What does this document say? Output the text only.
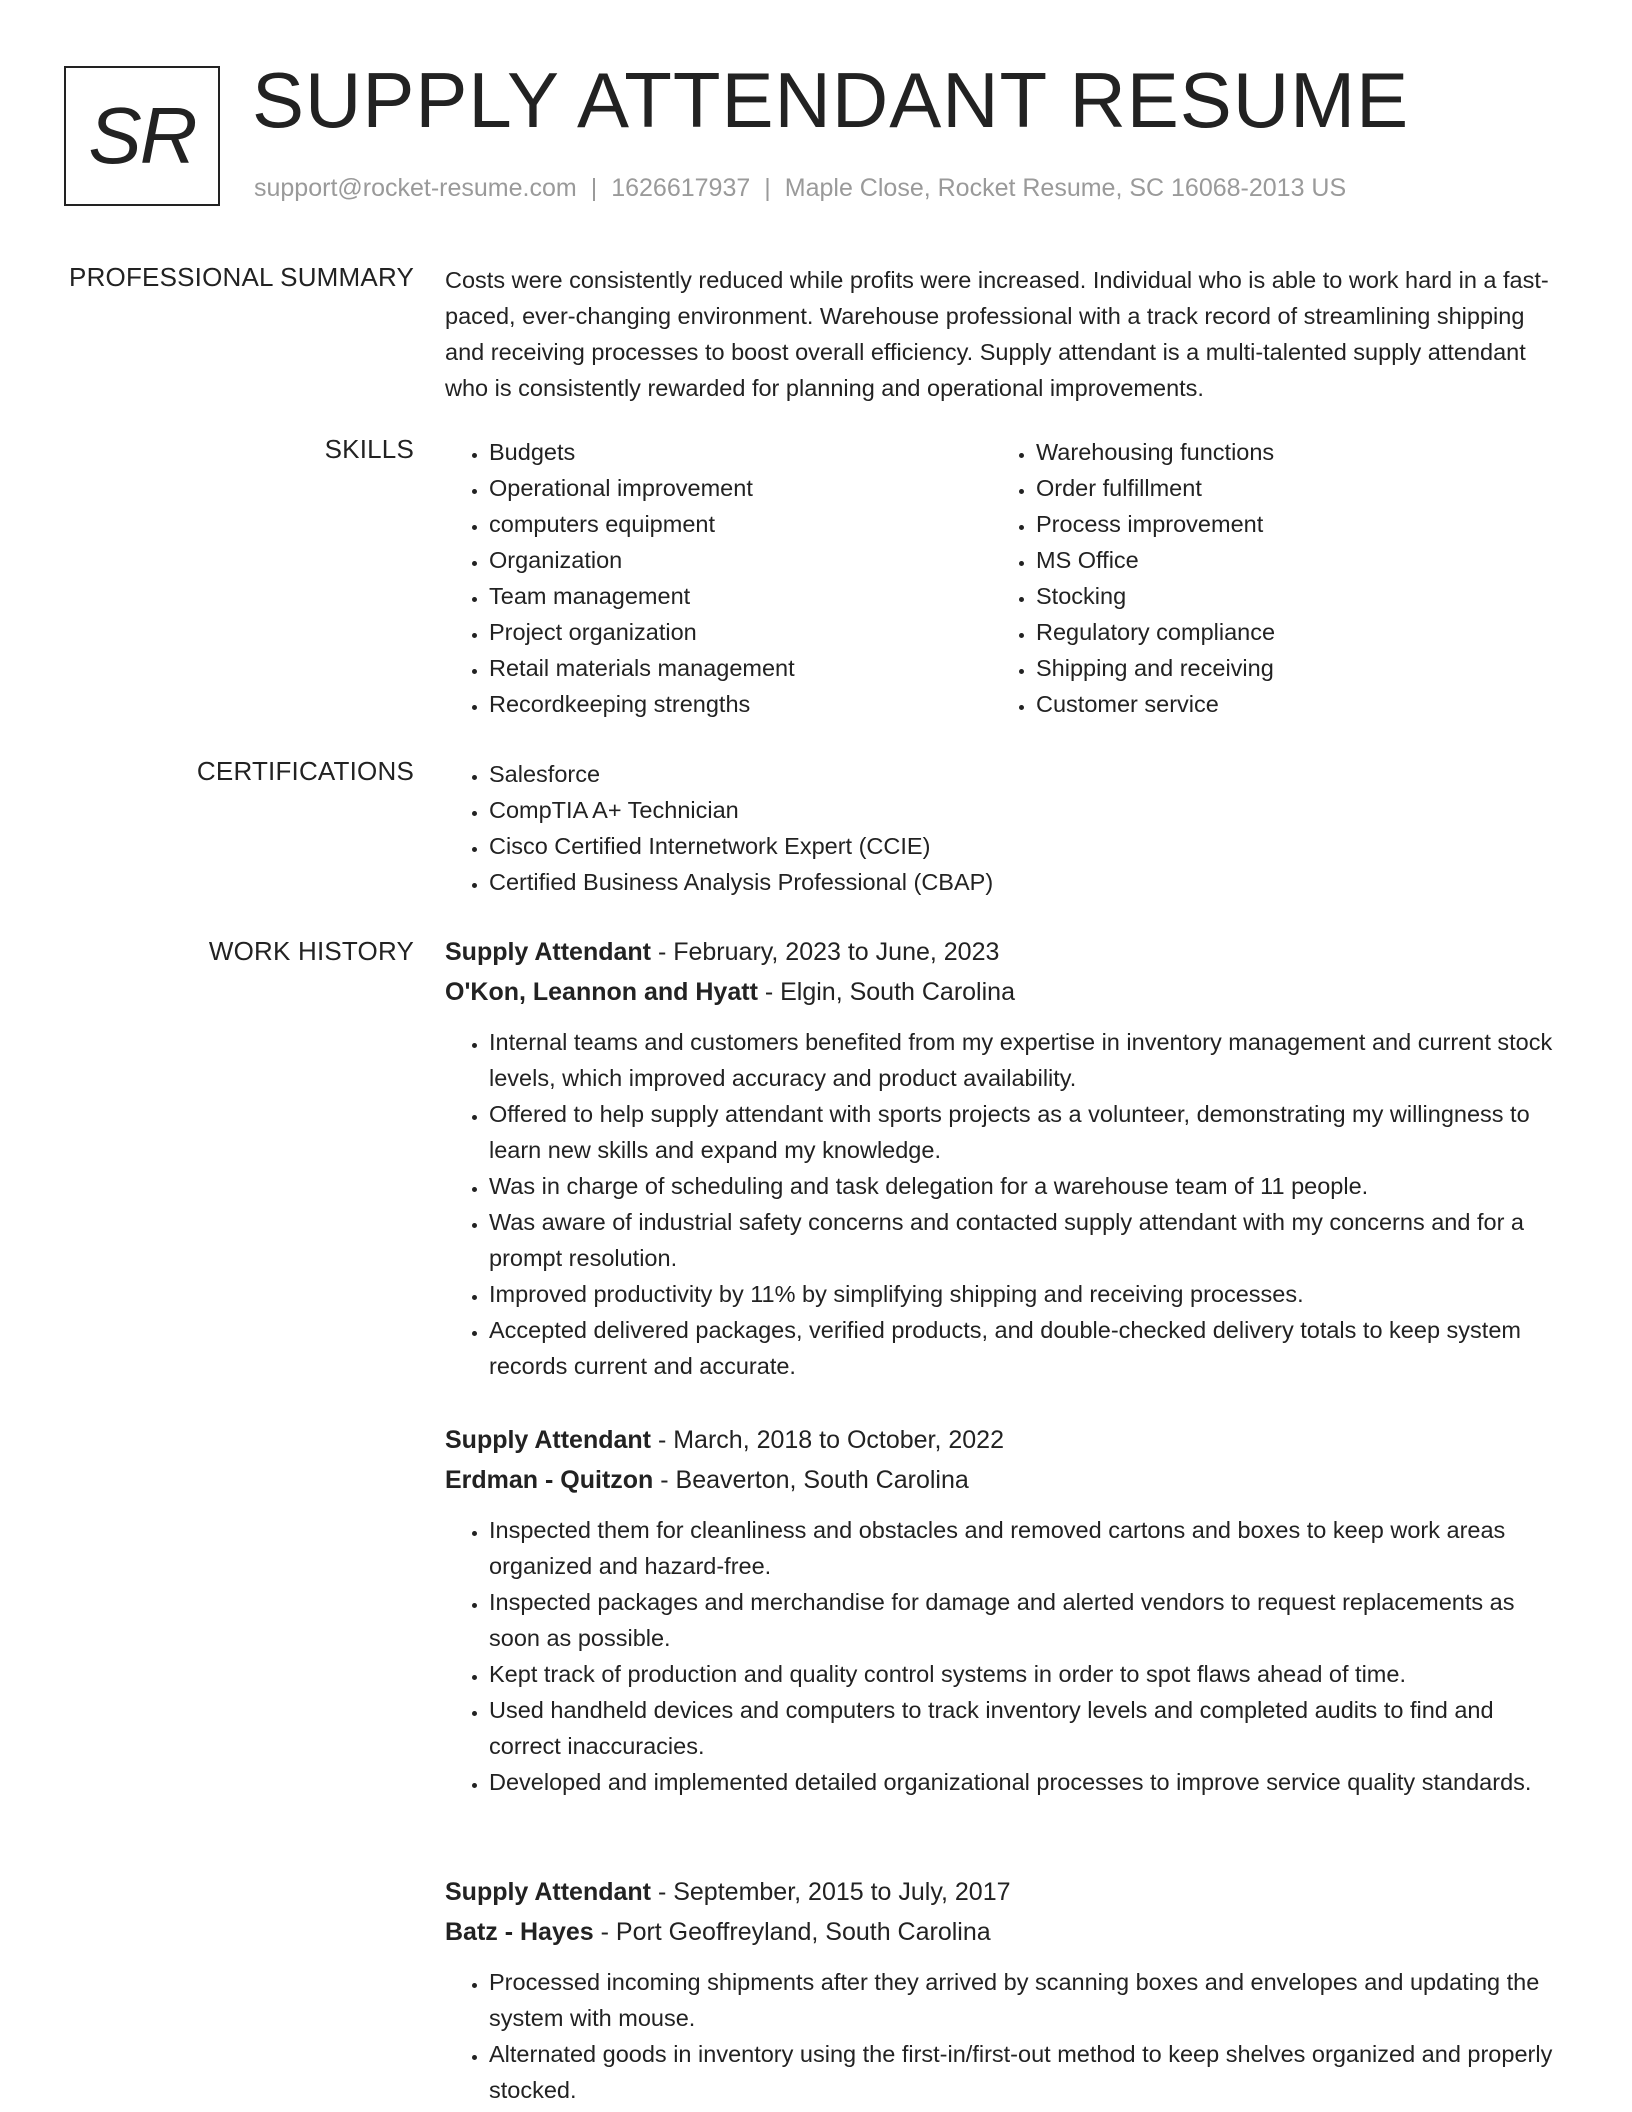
SR SUPPLY ATTENDANT RESUME
support@rocket-resume.com | 1626617937 | Maple Close, Rocket Resume, SC 16068-2013 US
PROFESSIONAL SUMMARY Costs were consistently reduced while profits were increased. Individual who is able to work hard in a fast-paced, ever-changing environment. Warehouse professional with a track record of streamlining shipping and receiving processes to boost overall efficiency. Supply attendant is a multi-talented supply attendant who is consistently rewarded for planning and operational improvements.

SKILLS	• Budgets
• Operational improvement
• computers equipment
• Organization
• Team management
• Project organization
• Retail materials management
• Recordkeeping strengths
• Warehousing functions
• Order fulfillment
• Process improvement
• MS Office
• Stocking
• Regulatory compliance
• Shipping and receiving
• Customer service
CERTIFICATIONS	• Salesforce
• CompTIA A+ Technician
• Cisco Certified Internetwork Expert (CCIE)
• Certified Business Analysis Professional (CBAP)
WORK HISTORY Supply Attendant - February, 2023 to June, 2023
O'Kon, Leannon and Hyatt - Elgin, South Carolina
• Internal teams and customers benefited from my expertise in inventory management and current stock levels, which improved accuracy and product availability.
• Offered to help supply attendant with sports projects as a volunteer, demonstrating my willingness to learn new skills and expand my knowledge.
• Was in charge of scheduling and task delegation for a warehouse team of 11 people.
• Was aware of industrial safety concerns and contacted supply attendant with my concerns and for a prompt resolution.
• Improved productivity by 11% by simplifying shipping and receiving processes.
• Accepted delivered packages, verified products, and double-checked delivery totals to keep system records current and accurate.
Supply Attendant - March, 2018 to October, 2022
Erdman - Quitzon - Beaverton, South Carolina
• Inspected them for cleanliness and obstacles and removed cartons and boxes to keep work areas organized and hazard-free.
• Inspected packages and merchandise for damage and alerted vendors to request replacements as soon as possible.
• Kept track of production and quality control systems in order to spot flaws ahead of time.
• Used handheld devices and computers to track inventory levels and completed audits to find and correct inaccuracies.
• Developed and implemented detailed organizational processes to improve service quality standards.
Supply Attendant - September, 2015 to July, 2017
Batz - Hayes - Port Geoffreyland, South Carolina
• Processed incoming shipments after they arrived by scanning boxes and envelopes and updating the system with mouse.
• Alternated goods in inventory using the first-in/first-out method to keep shelves organized and properly stocked.
